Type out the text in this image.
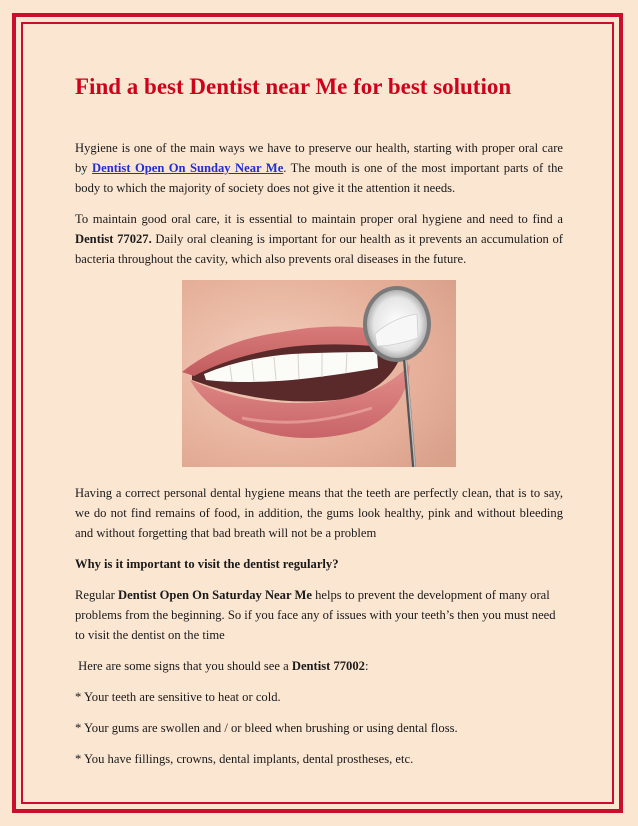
Find a best Dentist near Me for best solution

Hygiene is one of the main ways we have to preserve our health, starting with proper oral care by Dentist Open On Sunday Near Me. The mouth is one of the most important parts of the body to which the majority of society does not give it the attention it needs.

To maintain good oral care, it is essential to maintain proper oral hygiene and need to find a Dentist 77027. Daily oral cleaning is important for our health as it prevents an accumulation of bacteria throughout the cavity, which also prevents oral diseases in the future.

Having a correct personal dental hygiene means that the teeth are perfectly clean, that is to say, we do not find remains of food, in addition, the gums look healthy, pink and without bleeding and without forgetting that bad breath will not be a problem

Why is it important to visit the dentist regularly?

Regular Dentist Open On Saturday Near Me helps to prevent the development of many oral problems from the beginning. So if you face any of issues with your teeth’s then you must need to visit the dentist on the time

Here are some signs that you should see a Dentist 77002:

* Your teeth are sensitive to heat or cold.

* Your gums are swollen and / or bleed when brushing or using dental floss.

* You have fillings, crowns, dental implants, dental prostheses, etc.
